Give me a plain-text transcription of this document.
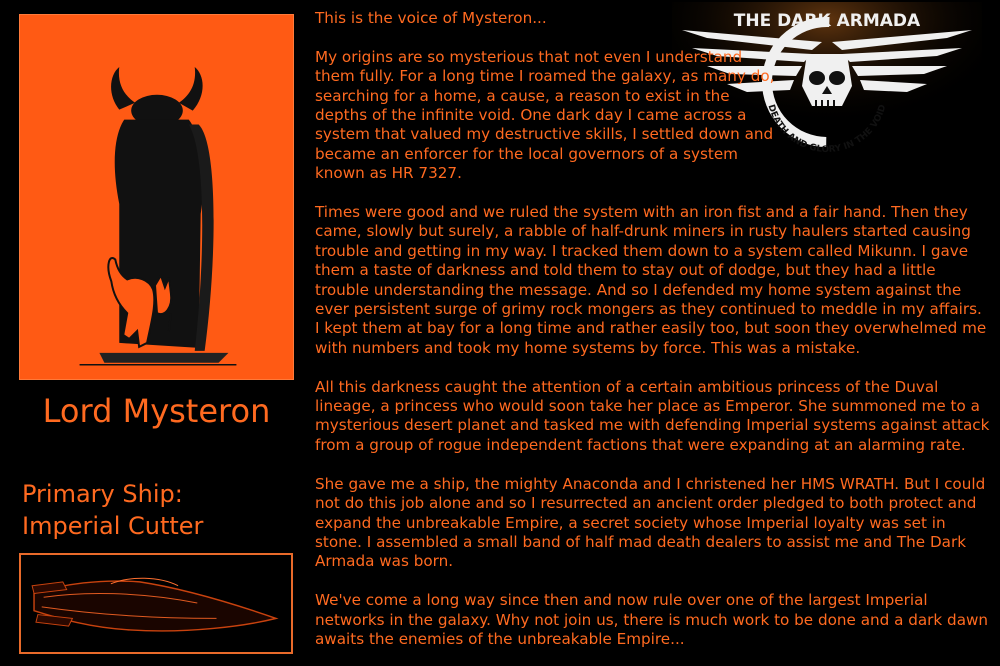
Lord Mysteron
Primary Ship:
Imperial Cutter
DEATH AND GLORY IN THE VOID
THE DARK ARMADA

This is the voice of Mysteron...

My origins are so mysterious that not even I understand them fully. For a long time I roamed the galaxy, as many do, searching for a home, a cause, a reason to exist in the depths of the infinite void. One dark day I came across a system that valued my destructive skills, I settled down and became an enforcer for the local governors of a system known as HR 7327.

Times were good and we ruled the system with an iron fist and a fair hand. Then they came, slowly but surely, a rabble of half-drunk miners in rusty haulers started causing trouble and getting in my way. I tracked them down to a system called Mikunn. I gave them a taste of darkness and told them to stay out of dodge, but they had a little trouble understanding the message. And so I defended my home system against the ever persistent surge of grimy rock mongers as they continued to meddle in my affairs. I kept them at bay for a long time and rather easily too, but soon they overwhelmed me with numbers and took my home systems by force. This was a mistake.

All this darkness caught the attention of a certain ambitious princess of the Duval lineage, a princess who would soon take her place as Emperor. She summoned me to a mysterious desert planet and tasked me with defending Imperial systems against attack from a group of rogue independent factions that were expanding at an alarming rate.

She gave me a ship, the mighty Anaconda and I christened her HMS WRATH. But I could not do this job alone and so I resurrected an ancient order pledged to both protect and expand the unbreakable Empire, a secret society whose Imperial loyalty was set in stone. I assembled a small band of half mad death dealers to assist me and The Dark Armada was born.

We've come a long way since then and now rule over one of the largest Imperial networks in the galaxy. Why not join us, there is much work to be done and a dark dawn awaits the enemies of the unbreakable Empire...
